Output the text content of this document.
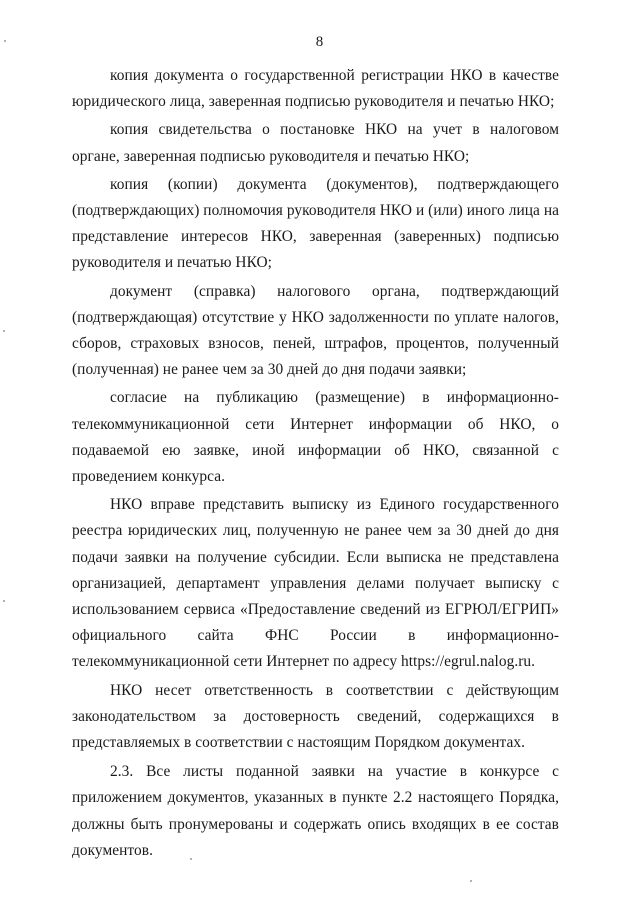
8

копия документа о государственной регистрации НКО в качестве юридического лица, заверенная подписью руководителя и печатью НКО;

копия свидетельства о постановке НКО на учет в налоговом органе, заверенная подписью руководителя и печатью НКО;

копия (копии) документа (документов), подтверждающего (подтверждающих) полномочия руководителя НКО и (или) иного лица на представление интересов НКО, заверенная (заверенных) подписью руководителя и печатью НКО;

документ (справка) налогового органа, подтверждающий (подтверждающая) отсутствие у НКО задолженности по уплате налогов, сборов, страховых взносов, пеней, штрафов, процентов, полученный (полученная) не ранее чем за 30 дней до дня подачи заявки;

согласие на публикацию (размещение) в информационно-телекоммуникационной сети Интернет информации об НКО, о подаваемой ею заявке, иной информации об НКО, связанной с проведением конкурса.

НКО вправе представить выписку из Единого государственного реестра юридических лиц, полученную не ранее чем за 30 дней до дня подачи заявки на получение субсидии. Если выписка не представлена организацией, департамент управления делами получает выписку с использованием сервиса «Предоставление сведений из ЕГРЮЛ/ЕГРИП» официального сайта ФНС России в информационно-телекоммуникационной сети Интернет по адресу https://egrul.nalog.ru.

НКО несет ответственность в соответствии с действующим законодательством за достоверность сведений, содержащихся в представляемых в соответствии с настоящим Порядком документах.

2.3. Все листы поданной заявки на участие в конкурсе с приложением документов, указанных в пункте 2.2 настоящего Порядка, должны быть пронумерованы и содержать опись входящих в ее состав документов.
